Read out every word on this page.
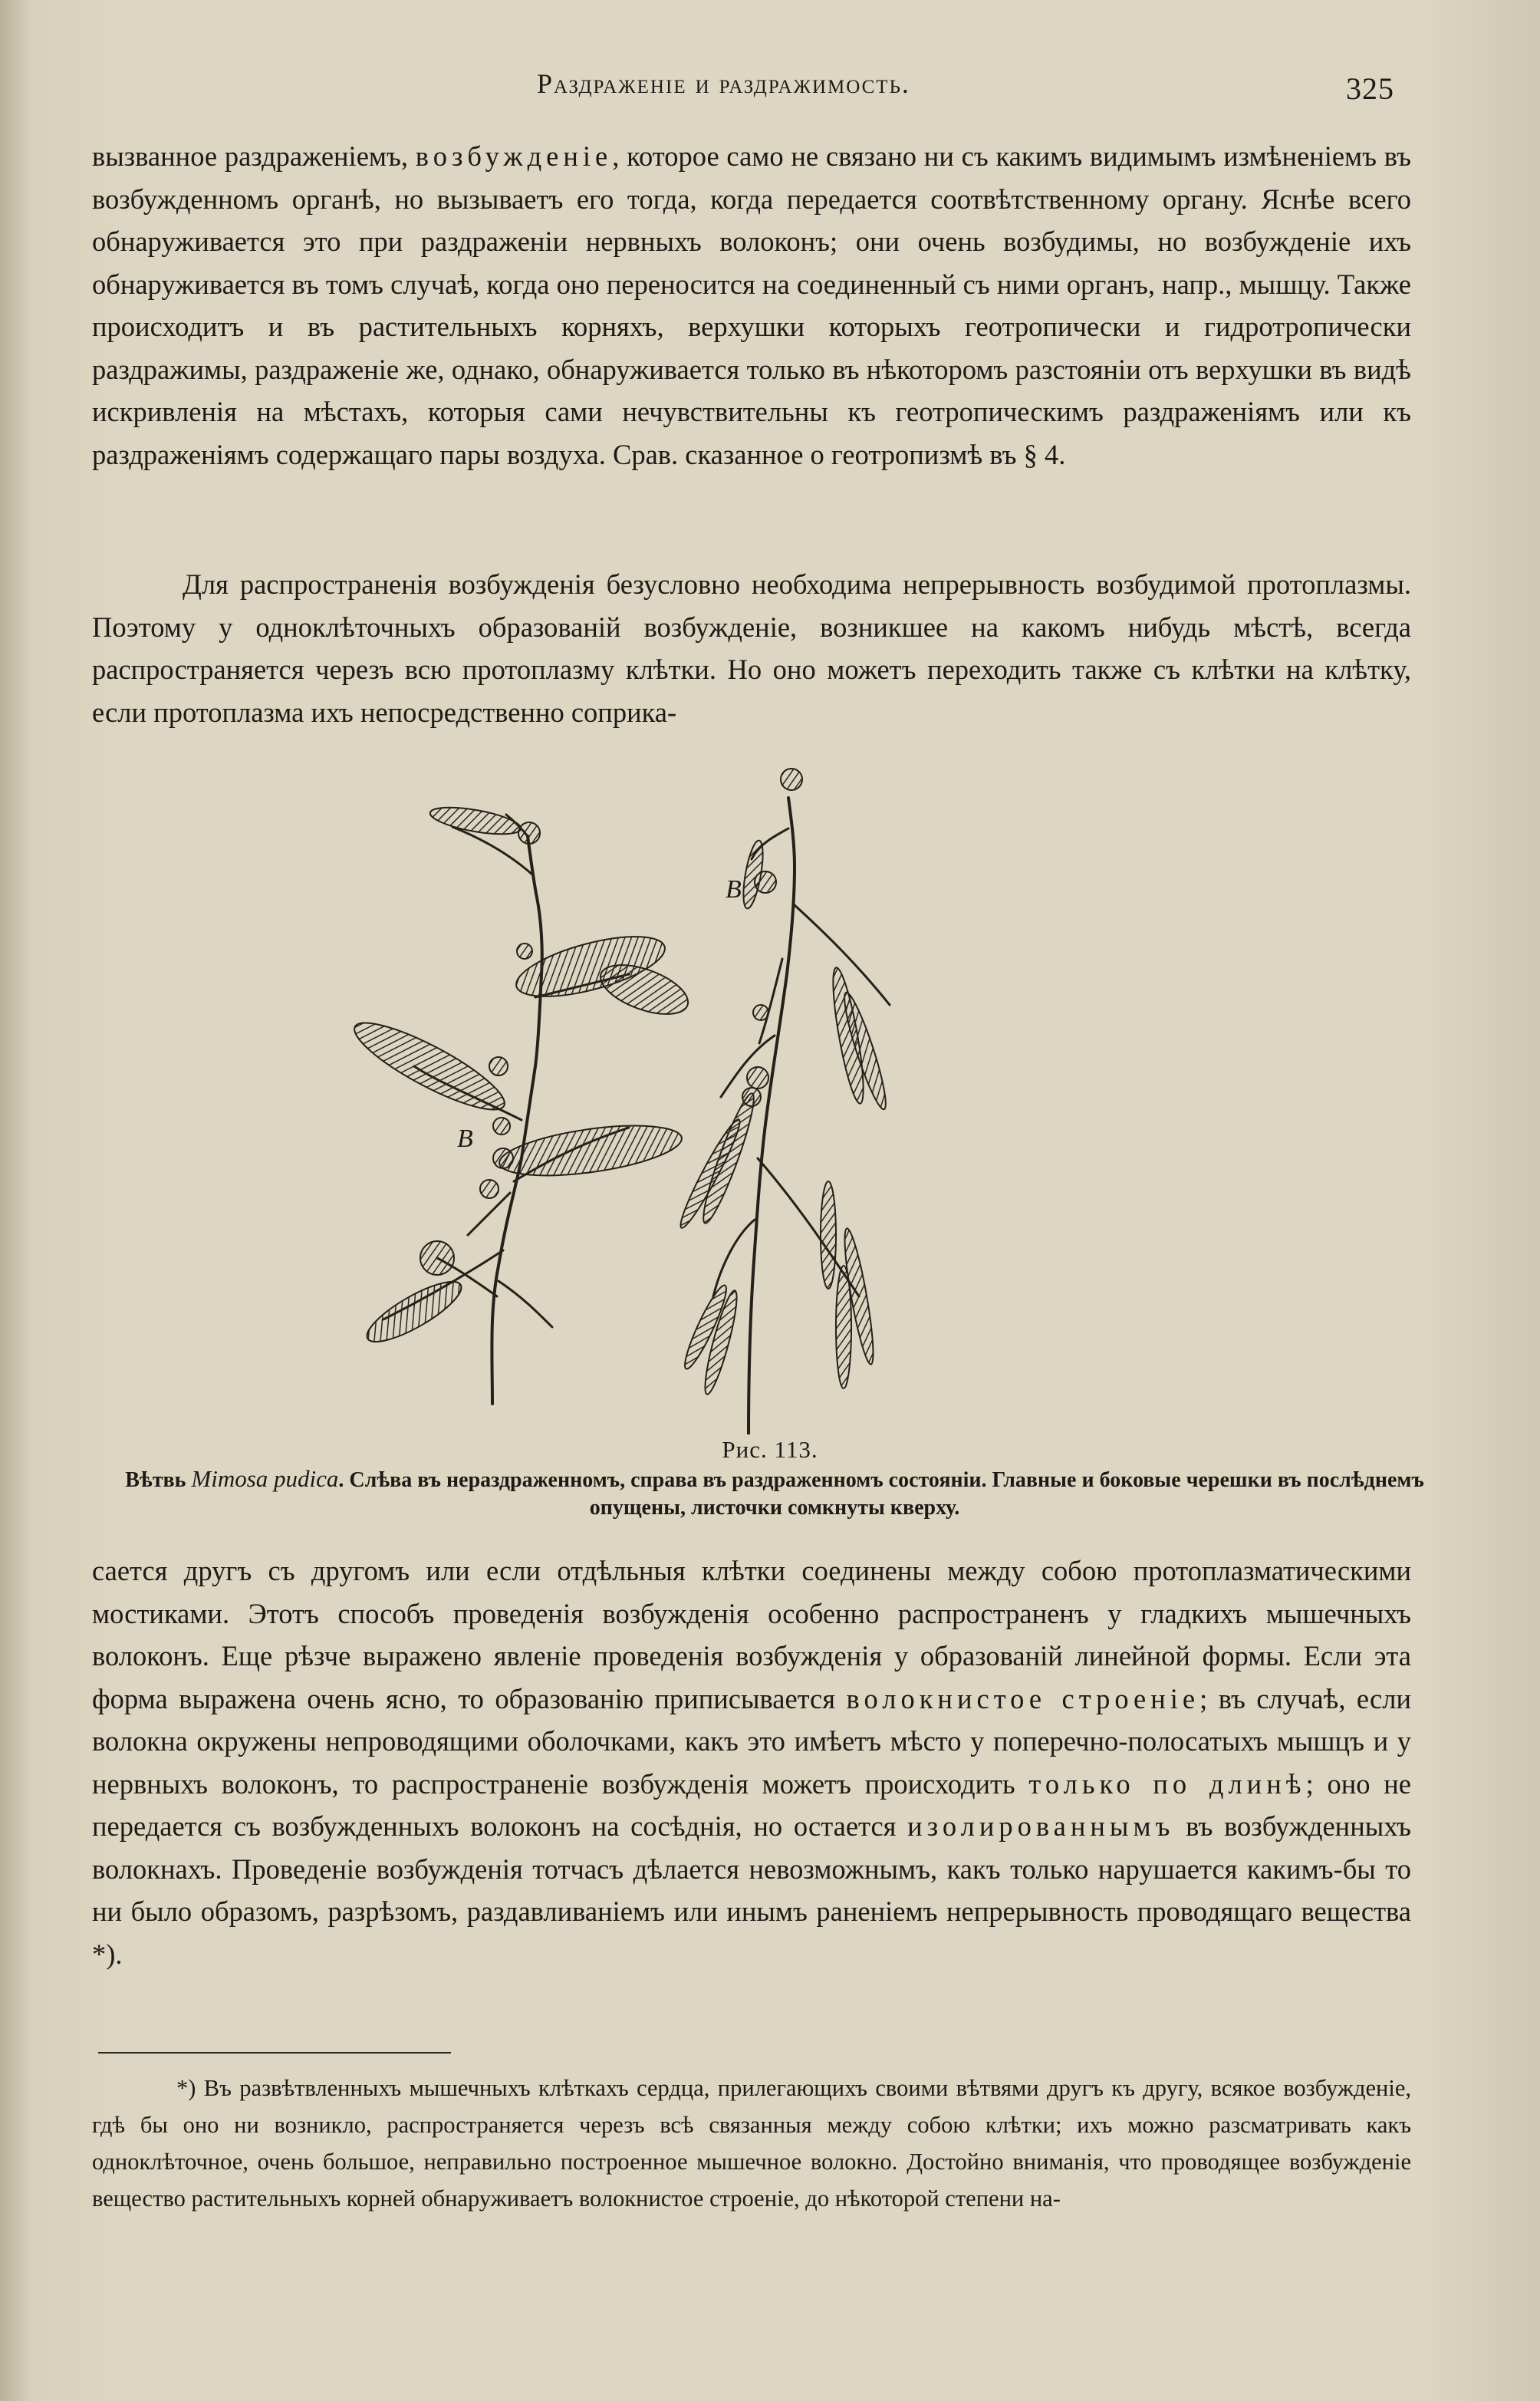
Раздраженіе и раздражимость.	325

вызванное раздраженіемъ, возбужденіе, которое само не связано ни съ какимъ видимымъ измѣненіемъ въ возбужденномъ органѣ, но вызываетъ его тогда, когда передается соотвѣтственному органу. Яснѣе всего обнаруживается это при раздраженіи нервныхъ волоконъ; они очень возбудимы, но возбужденіе ихъ обнаруживается въ томъ случаѣ, когда оно переносится на соединенный съ ними органъ, напр., мышцу. Также происходитъ и въ растительныхъ корняхъ, верхушки которыхъ геотропически и гидротропически раздражимы, раздраженіе же, однако, обнаруживается только въ нѣкоторомъ разстояніи отъ верхушки въ видѣ искривленія на мѣстахъ, которыя сами нечувствительны къ геотропическимъ раздраженіямъ или къ раздраженіямъ содержащаго пары воздуха. Срав. сказанное о геотропизмѣ въ § 4.

Для распространенія возбужденія безусловно необходима непрерывность возбудимой протоплазмы. Поэтому у одноклѣточныхъ образованій возбужденіе, возникшее на какомъ нибудь мѣстѣ, всегда распространяется черезъ всю протоплазму клѣтки. Но оно можетъ переходить также съ клѣтки на клѣтку, если протоплазма ихъ непосредственно соприка-

В
В
Рис. 113.
Вѣтвь Mimosa pudica. Слѣва въ нераздраженномъ, справа въ раздраженномъ состояніи. Главные и боковые черешки въ послѣднемъ опущены, листочки сомкнуты кверху.

сается другъ съ другомъ или если отдѣльныя клѣтки соединены между собою протоплазматическими мостиками. Этотъ способъ проведенія возбужденія особенно распространенъ у гладкихъ мышечныхъ волоконъ. Еще рѣзче выражено явленіе проведенія возбужденія у образованій линейной формы. Если эта форма выражена очень ясно, то образованію приписывается волокнистое строеніе; въ случаѣ, если волокна окружены непроводящими оболочками, какъ это имѣетъ мѣсто у поперечно-полосатыхъ мышцъ и у нервныхъ волоконъ, то распространеніе возбужденія можетъ происходить только по длинѣ; оно не передается съ возбужденныхъ волоконъ на сосѣднія, но остается изолированнымъ въ возбужденныхъ волокнахъ. Проведеніе возбужденія тотчасъ дѣлается невозможнымъ, какъ только нарушается какимъ-бы то ни было образомъ, разрѣзомъ, раздавливаніемъ или инымъ раненіемъ непрерывность проводящаго вещества *).

*) Въ развѣтвленныхъ мышечныхъ клѣткахъ сердца, прилегающихъ своими вѣтвями другъ къ другу, всякое возбужденіе, гдѣ бы оно ни возникло, распространяется черезъ всѣ связанныя между собою клѣтки; ихъ можно разсматривать какъ одноклѣточное, очень большое, неправильно построенное мышечное волокно. Достойно вниманія, что проводящее возбужденіе вещество растительныхъ корней обнаруживаетъ волокнистое строеніе, до нѣкоторой степени на-
